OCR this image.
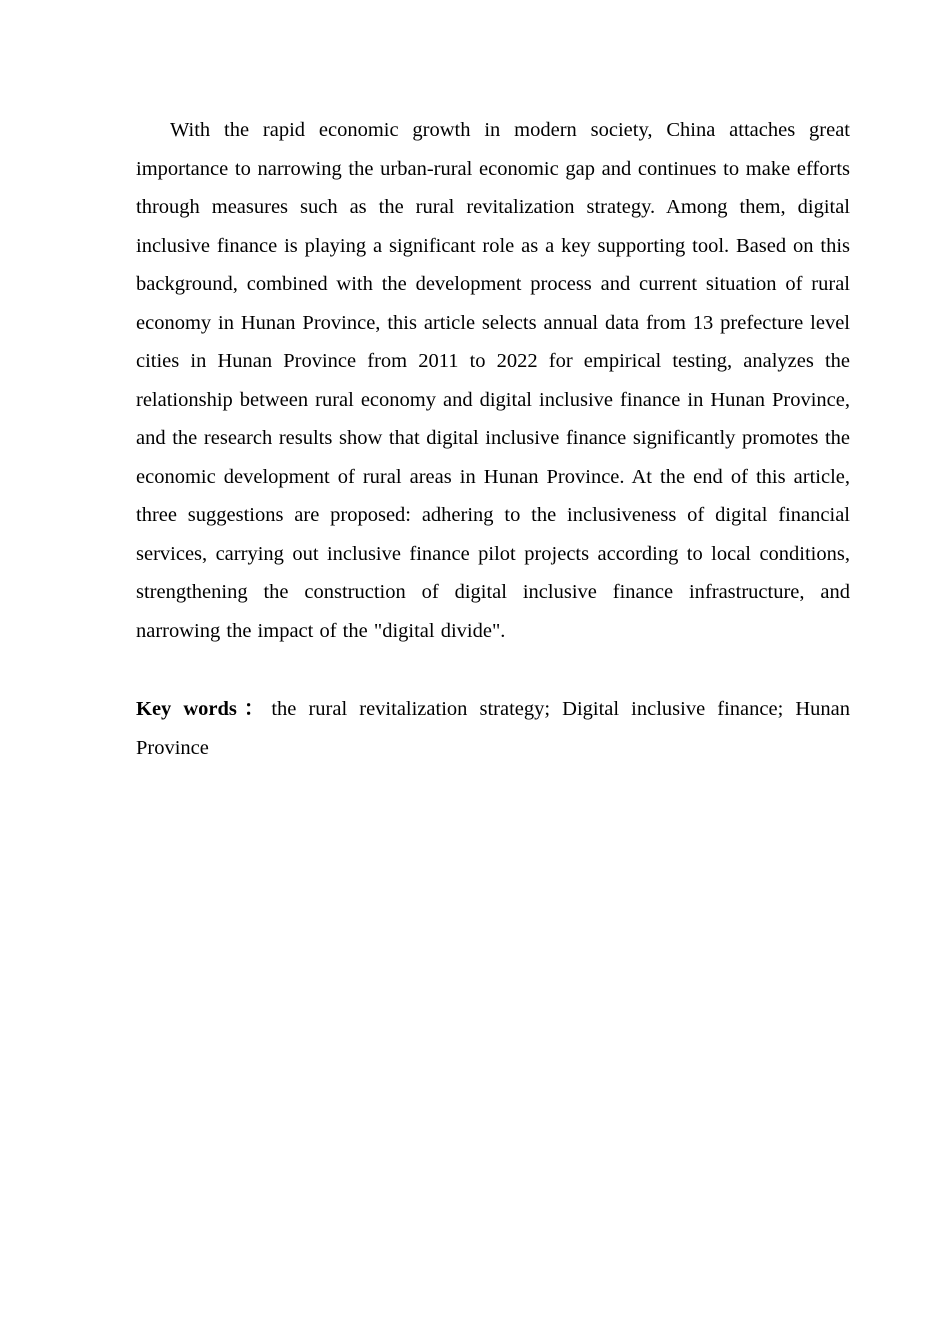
With the rapid economic growth in modern society, China attaches great importance to narrowing the urban-rural economic gap and continues to make efforts through measures such as the rural revitalization strategy. Among them, digital inclusive finance is playing a significant role as a key supporting tool. Based on this background, combined with the development process and current situation of rural economy in Hunan Province, this article selects annual data from 13 prefecture level cities in Hunan Province from 2011 to 2022 for empirical testing, analyzes the relationship between rural economy and digital inclusive finance in Hunan Province, and the research results show that digital inclusive finance significantly promotes the economic development of rural areas in Hunan Province. At the end of this article, three suggestions are proposed: adhering to the inclusiveness of digital financial services, carrying out inclusive finance pilot projects according to local conditions, strengthening the construction of digital inclusive finance infrastructure, and narrowing the impact of the "digital divide".

Key words：the rural revitalization strategy; Digital inclusive finance; Hunan Province
